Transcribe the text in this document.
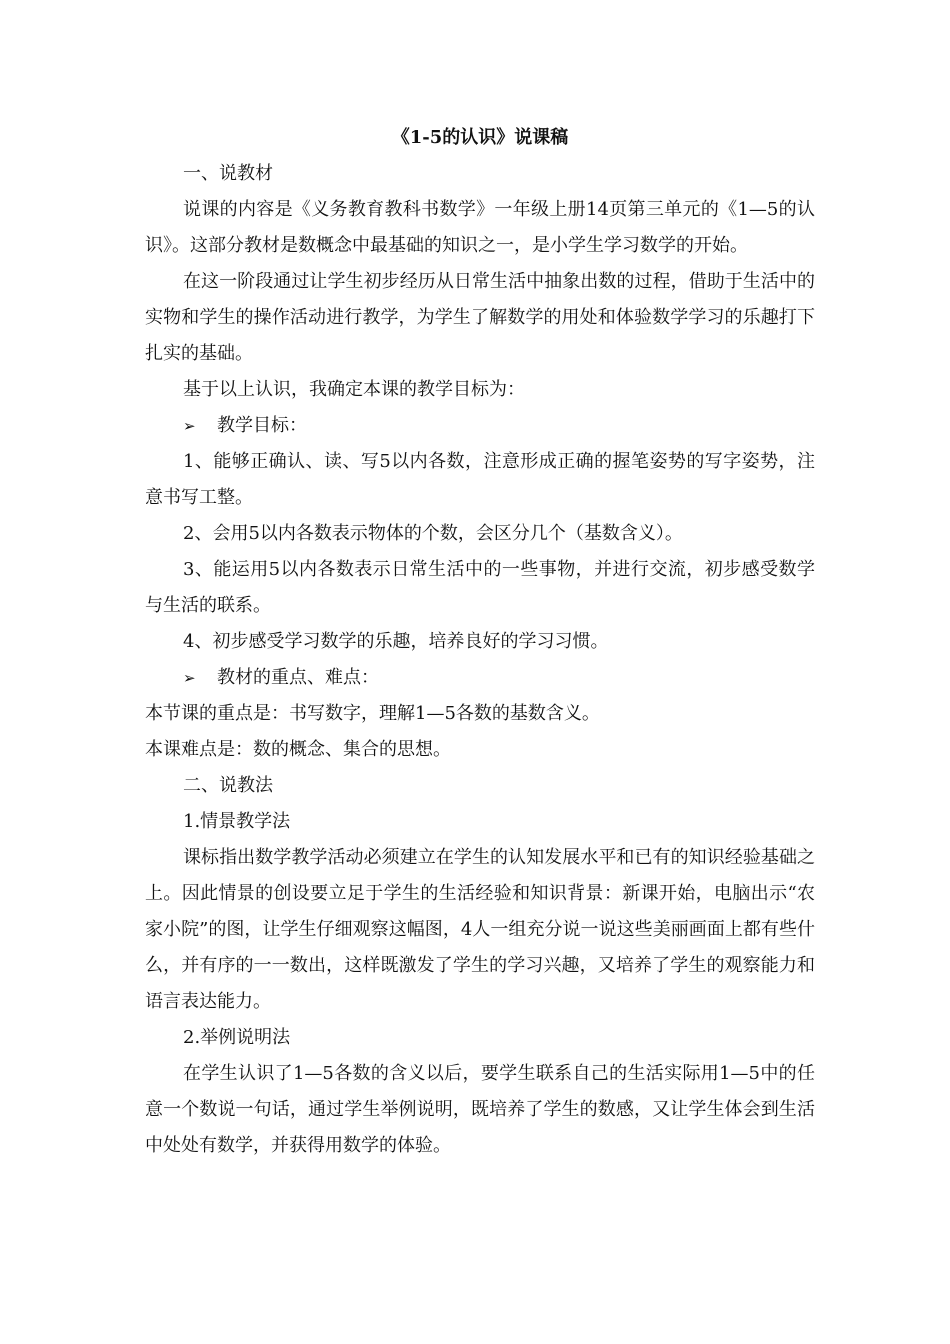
《1-5的认识》说课稿

一、说教材

说课的内容是《义务教育教科书数学》一年级上册14页第三单元的《1—5的认识》。这部分教材是数概念中最基础的知识之一，是小学生学习数学的开始。

在这一阶段通过让学生初步经历从日常生活中抽象出数的过程，借助于生活中的实物和学生的操作活动进行教学，为学生了解数学的用处和体验数学学习的乐趣打下扎实的基础。

基于以上认识，我确定本课的教学目标为：

➢ 教学目标：

1、能够正确认、读、写5以内各数，注意形成正确的握笔姿势的写字姿势，注意书写工整。

2、会用5以内各数表示物体的个数，会区分几个（基数含义）。

3、能运用5以内各数表示日常生活中的一些事物，并进行交流，初步感受数学与生活的联系。

4、初步感受学习数学的乐趣，培养良好的学习习惯。

➢ 教材的重点、难点：

本节课的重点是：书写数字，理解1—5各数的基数含义。

本课难点是：数的概念、集合的思想。

二、说教法

1.情景教学法

课标指出数学教学活动必须建立在学生的认知发展水平和已有的知识经验基础之上。因此情景的创设要立足于学生的生活经验和知识背景：新课开始，电脑出示“农家小院”的图，让学生仔细观察这幅图，4人一组充分说一说这些美丽画面上都有些什么，并有序的一一数出，这样既激发了学生的学习兴趣，又培养了学生的观察能力和语言表达能力。

2.举例说明法

在学生认识了1—5各数的含义以后，要学生联系自己的生活实际用1—5中的任意一个数说一句话，通过学生举例说明，既培养了学生的数感，又让学生体会到生活中处处有数学，并获得用数学的体验。
